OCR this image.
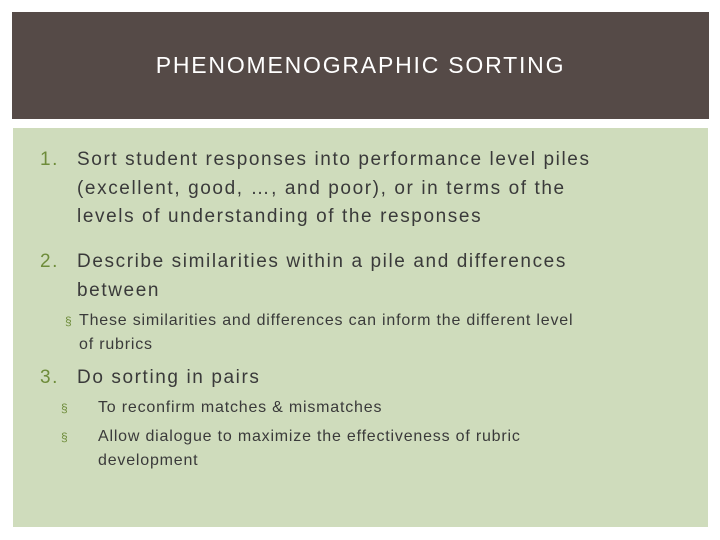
PHENOMENOGRAPHIC SORTING
1. Sort student responses into performance level piles
(excellent, good, …, and poor), or in terms of the
levels of understanding of the responses
2. Describe similarities within a pile and differences
between
§ These similarities and differences can inform the different level
of rubrics
3. Do sorting in pairs
§ To reconfirm matches & mismatches
§ Allow dialogue to maximize the effectiveness of rubric
development
